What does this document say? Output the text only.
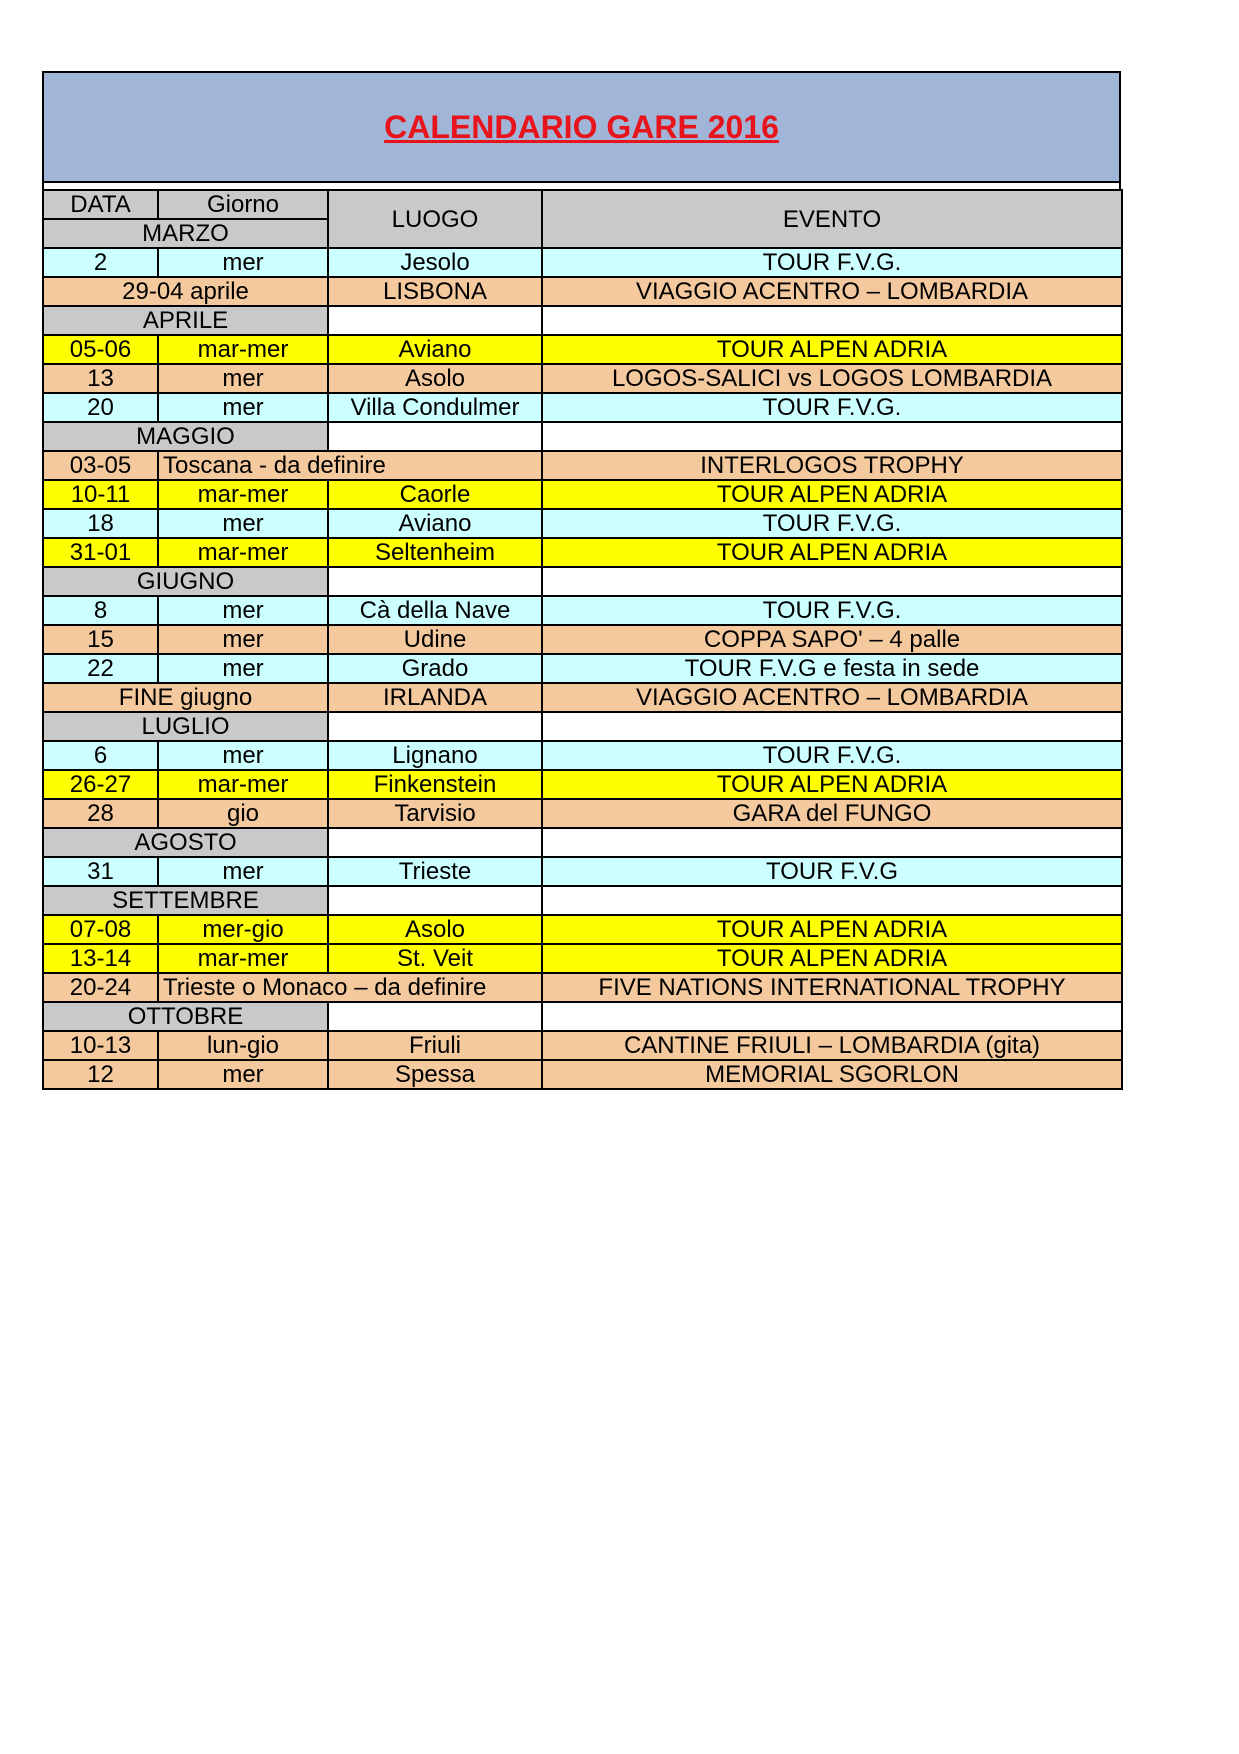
CALENDARIO GARE 2016
DATA	Giorno	LUOGO	EVENTO
MARZO			
2	mer	Jesolo	TOUR F.V.G.
29-04 aprile		LISBONA	VIAGGIO ACENTRO – LOMBARDIA
APRILE			
05-06	mar-mer	Aviano	TOUR ALPEN ADRIA
13	mer	Asolo	LOGOS-SALICI vs LOGOS LOMBARDIA
20	mer	Villa Condulmer	TOUR F.V.G.
MAGGIO			
03-05	Toscana - da definire		INTERLOGOS TROPHY
10-11	mar-mer	Caorle	TOUR ALPEN ADRIA
18	mer	Aviano	TOUR F.V.G.
31-01	mar-mer	Seltenheim	TOUR ALPEN ADRIA
GIUGNO			
8	mer	Cà della Nave	TOUR F.V.G.
15	mer	Udine	COPPA SAPO' – 4 palle
22	mer	Grado	TOUR F.V.G e festa in sede
FINE giugno		IRLANDA	VIAGGIO ACENTRO – LOMBARDIA
LUGLIO			
6	mer	Lignano	TOUR F.V.G.
26-27	mar-mer	Finkenstein	TOUR ALPEN ADRIA
28	gio	Tarvisio	GARA del FUNGO
AGOSTO			
31	mer	Trieste	TOUR F.V.G
SETTEMBRE			
07-08	mer-gio	Asolo	TOUR ALPEN ADRIA
13-14	mar-mer	St. Veit	TOUR ALPEN ADRIA
20-24	Trieste o Monaco – da definire		FIVE NATIONS INTERNATIONAL TROPHY
OTTOBRE			
10-13	lun-gio	Friuli	CANTINE FRIULI – LOMBARDIA (gita)
12	mer	Spessa	MEMORIAL SGORLON
